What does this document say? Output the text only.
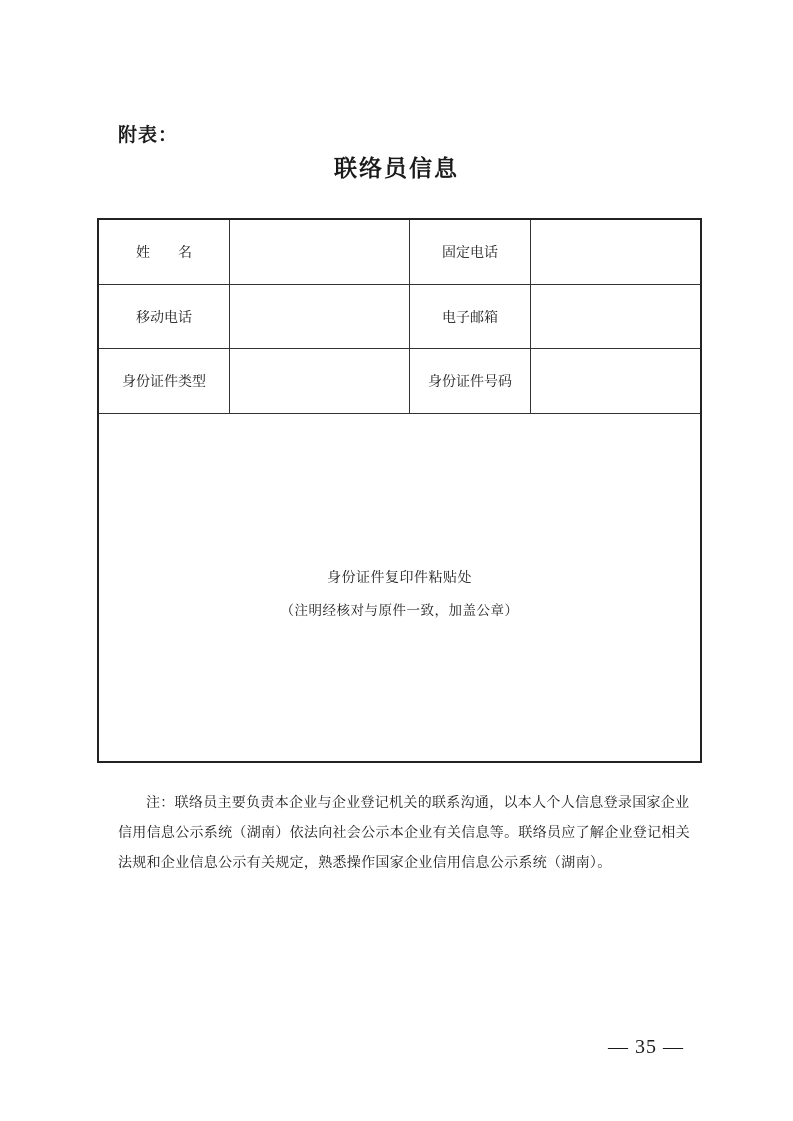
附表：
联络员信息
姓　　名	固定电话
移动电话	电子邮箱
身份证件类型	身份证件号码
身份证件复印件粘贴处
（注明经核对与原件一致，加盖公章）

注：联络员主要负责本企业与企业登记机关的联系沟通，以本人个人信息登录国家企业

信用信息公示系统（湖南）依法向社会公示本企业有关信息等。联络员应了解企业登记相关

法规和企业信息公示有关规定，熟悉操作国家企业信用信息公示系统（湖南）。

— 35 —
